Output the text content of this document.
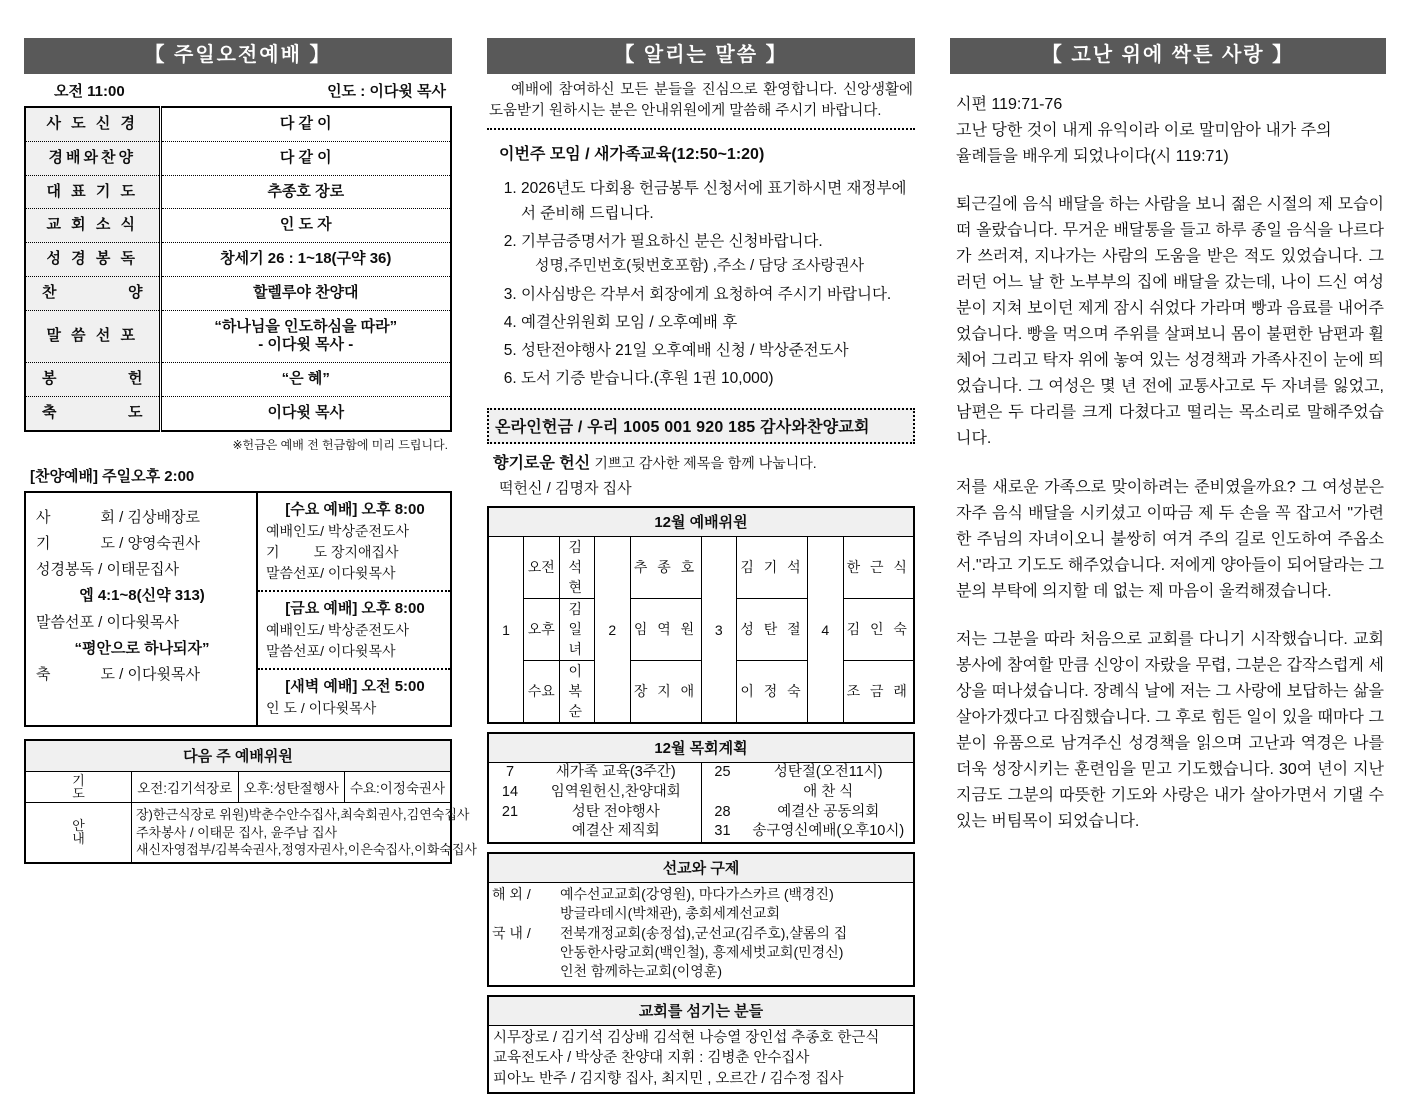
【 주일오전예배 】
오전 11:00	인도 : 이다윗 목사
사 도 신 경	다 같 이
경배와찬양	다 같 이
대 표 기 도	추종호 장로
교 회 소 식	인 도 자
성 경 봉 독	창세기 26 : 1~18(구약 36)

찬 양	할렐루야 찬양대
말 씀 선 포	“하나님을 인도하심을 따라”
- 이다윗 목사 -

봉 헌	“은 혜”

축 도	이다윗 목사
※헌금은 예배 전 헌금함에 미리 드립니다.
[찬양예배] 주일오후 2:00
사	회 / 김상배장로
기	도 / 양영숙권사
성경봉독 / 이태문집사
엡 4:1~8(신약 313)
말씀선포 / 이다윗목사
“평안으로 하나되자”
축	도 / 이다윗목사
[수요 예배] 오후 8:00
예배인도/ 박상준전도사
기 도 장지애집사
말씀선포/ 이다윗목사
[금요 예배] 오후 8:00
예배인도/ 박상준전도사
말씀선포/ 이다윗목사
[새벽 예배] 오전 5:00
인 도 / 이다윗목사
다음 주 예배위원			

기
도	오전:김기석장로	오후:성탄절행사	수요:이정숙권사

안
내

장)한근식장로 위원)박춘수안수집사,최숙회권사,김연숙집사
주차봉사 / 이태문 집사, 윤주남 집사
새신자영접부/김복숙권사,정영자권사,이은숙집사,이화숙집사
【 알리는 말씀 】
예배에 참여하신 모든 분들을 진심으로 환영합니다. 신앙생활에 도움받기 원하시는 분은 안내위원에게 말씀해 주시기 바랍니다.
이번주 모임 / 새가족교육(12:50~1:20)
1. 2026년도 다회용 헌금봉투 신청서에 표기하시면 재정부에서 준비해 드립니다.
2. 기부금증명서가 필요하신 분은 신청바랍니다.
성명,주민번호(뒷번호포함) ,주소 / 담당 조사랑권사
3. 이사심방은 각부서 회장에게 요청하여 주시기 바랍니다.
4. 예결산위원회 모임 / 오후예배 후
5. 성탄전야행사 21일 오후예배 신청 / 박상준전도사
6. 도서 기증 받습니다.(후원 1권 10,000)
온라인헌금 / 우리 1005 001 920 185 감사와찬양교회
향기로운 헌신 기쁘고 감사한 제목을 함께 나눕니다.
떡헌신 / 김명자 집사
12월 예배위원								
	오전	김 석 현		추 종 호		김 기 석		한 근 식
1	오후	김 일 녀	2	임 역 원	3	성 탄 절	4	김 인 숙
	수요	이 복 순		장 지 애		이 정 숙		조 금 래
12월 목회계획

7	새가족 교육(3주간)
14	임역원헌신,찬양대회
21	성탄 전야행사
예결산 제직회
25	성탄절(오전11시)
애 찬 식
28	예결산 공동의회
31	송구영신예배(오후10시)
선교와 구제

해 외 /	예수선교교회(강영원), 마다가스카르 (백경진)
방글라데시(박채관), 총회세계선교회
국 내 /	전북개정교회(송정섭),군선교(김주호),샬롬의 집
안동한사랑교회(백인철), 흥제세벗교회(민경신)
인천 함께하는교회(이영훈)
교회를 섬기는 분들

시무장로 / 김기석 김상배 김석현 나승열 장인섭 추종호 한근식
교육전도사 / 박상준 찬양대 지휘 : 김병춘 안수집사
피아노 반주 / 김지향 집사, 최지민 , 오르간 / 김수정 집사
【 고난 위에 싹튼 사랑 】
시편 119:71-76
고난 당한 것이 내게 유익이라 이로 말미암아 내가 주의
율례들을 배우게 되었나이다(시 119:71)

퇴근길에 음식 배달을 하는 사람을 보니 젊은 시절의 제 모습이 떠 올랐습니다. 무거운 배달통을 들고 하루 종일 음식을 나르다가 쓰러져, 지나가는 사람의 도움을 받은 적도 있었습니다. 그러던 어느 날 한 노부부의 집에 배달을 갔는데, 나이 드신 여성분이 지쳐 보이던 제게 잠시 쉬었다 가라며 빵과 음료를 내어주었습니다. 빵을 먹으며 주위를 살펴보니 몸이 불편한 남편과 휠체어 그리고 탁자 위에 놓여 있는 성경책과 가족사진이 눈에 띄었습니다. 그 여성은 몇 년 전에 교통사고로 두 자녀를 잃었고, 남편은 두 다리를 크게 다쳤다고 떨리는 목소리로 말해주었습니다.

저를 새로운 가족으로 맞이하려는 준비였을까요? 그 여성분은 자주 음식 배달을 시키셨고 이따금 제 두 손을 꼭 잡고서 "가련한 주님의 자녀이오니 불쌍히 여겨 주의 길로 인도하여 주옵소서."라고 기도도 해주었습니다. 저에게 양아들이 되어달라는 그분의 부탁에 의지할 데 없는 제 마음이 울컥해졌습니다.

저는 그분을 따라 처음으로 교회를 다니기 시작했습니다. 교회 봉사에 참여할 만큼 신앙이 자랐을 무렵, 그분은 갑작스럽게 세상을 떠나셨습니다. 장례식 날에 저는 그 사랑에 보답하는 삶을 살아가겠다고 다짐했습니다. 그 후로 힘든 일이 있을 때마다 그분이 유품으로 남겨주신 성경책을 읽으며 고난과 역경은 나를 더욱 성장시키는 훈련임을 믿고 기도했습니다. 30여 년이 지난 지금도 그분의 따뜻한 기도와 사랑은 내가 살아가면서 기댈 수 있는 버팀목이 되었습니다.
